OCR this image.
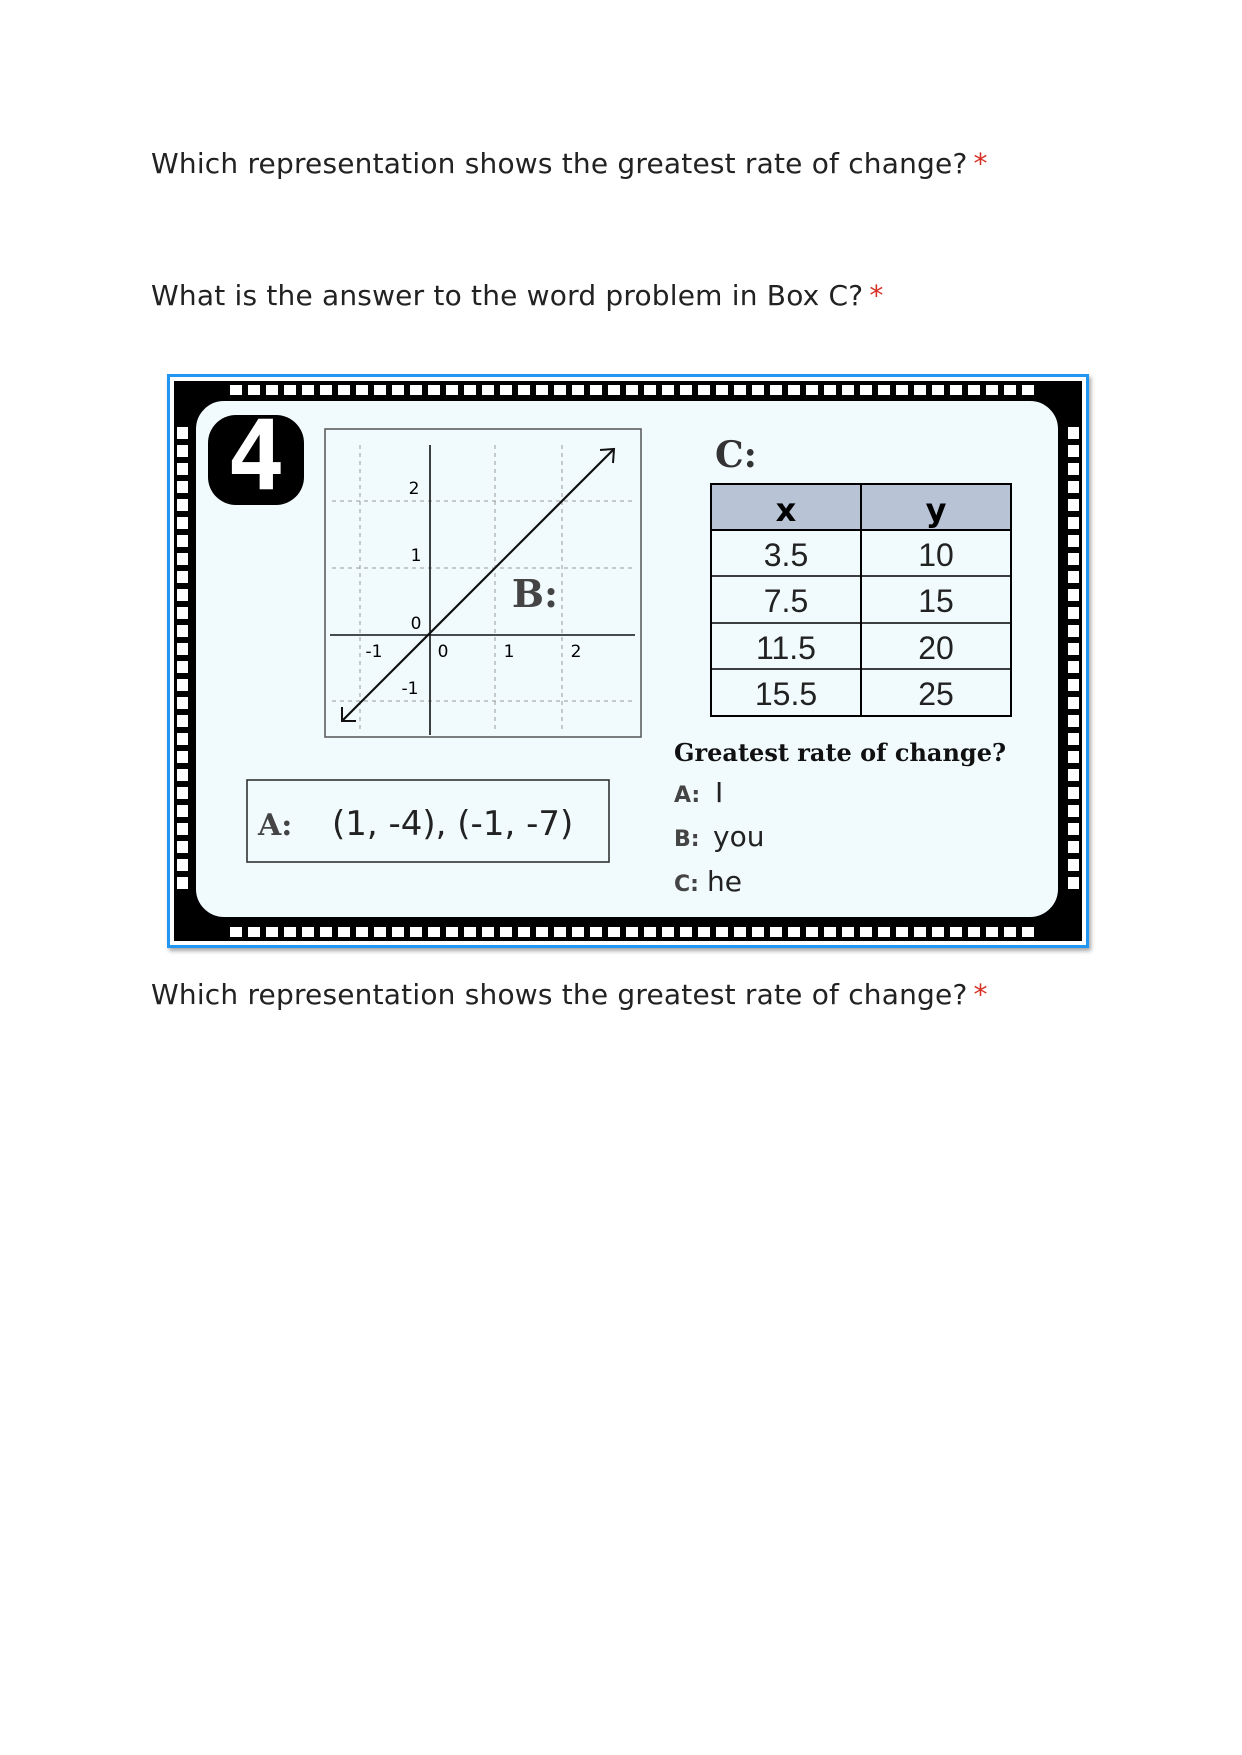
Which representation shows the greatest rate of change? *
What is the answer to the word problem in Box C? *
4	2
1
0
-1
-1	0	1	2
B:
A: (1, -4), (-1, -7)
C:
x	y
3.5	10
7.5	15
11.5	20
15.5	25
Greatest rate of change?
A: I
B: you
C: he
Which representation shows the greatest rate of change? *
